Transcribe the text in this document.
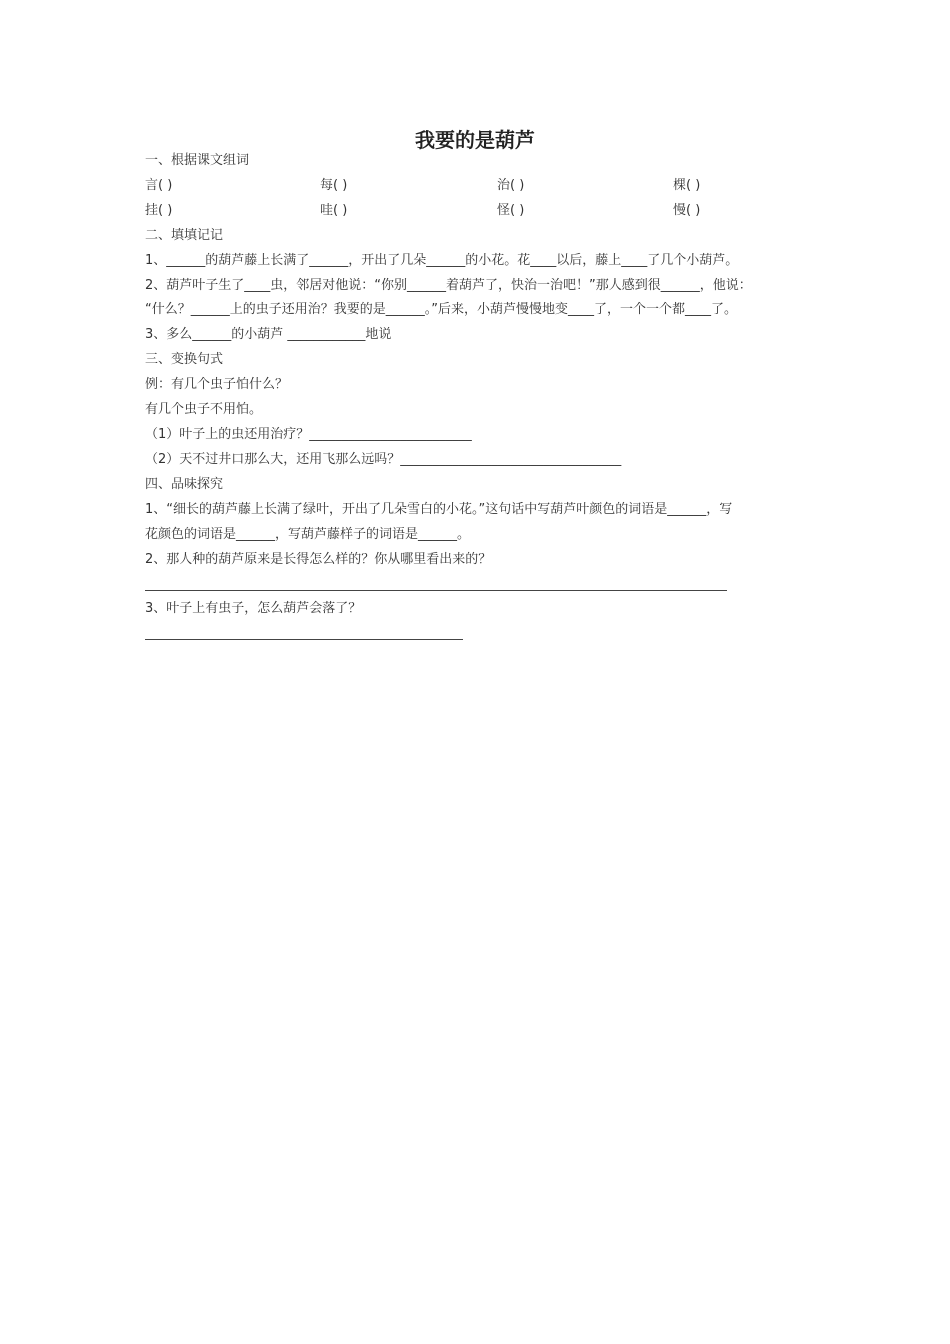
我要的是葫芦
一、根据课文组词
言( )	每( )	治( )	棵( )
挂( )	哇( )	怪( )	慢( )
二、填填记记
1、______的葫芦藤上长满了______，开出了几朵______的小花。花____以后，藤上____了几个小葫芦。
2、葫芦叶子生了____虫，邻居对他说：“你别______着葫芦了，快治一治吧！”那人感到很______，他说：
“什么？______上的虫子还用治？我要的是______。”后来，小葫芦慢慢地变____了，一个一个都____了。
3、多么______的小葫芦 ____________地说
三、变换句式
例：有几个虫子怕什么？
有几个虫子不用怕。
（1）叶子上的虫还用治疗？_________________________
（2）天不过井口那么大，还用飞那么远吗？__________________________________
四、品味探究
1、“细长的葫芦藤上长满了绿叶，开出了几朵雪白的小花。”这句话中写葫芦叶颜色的词语是______，写
花颜色的词语是______，写葫芦藤样子的词语是______。
2、那人种的葫芦原来是长得怎么样的？你从哪里看出来的？
3、叶子上有虫子，怎么葫芦会落了？
